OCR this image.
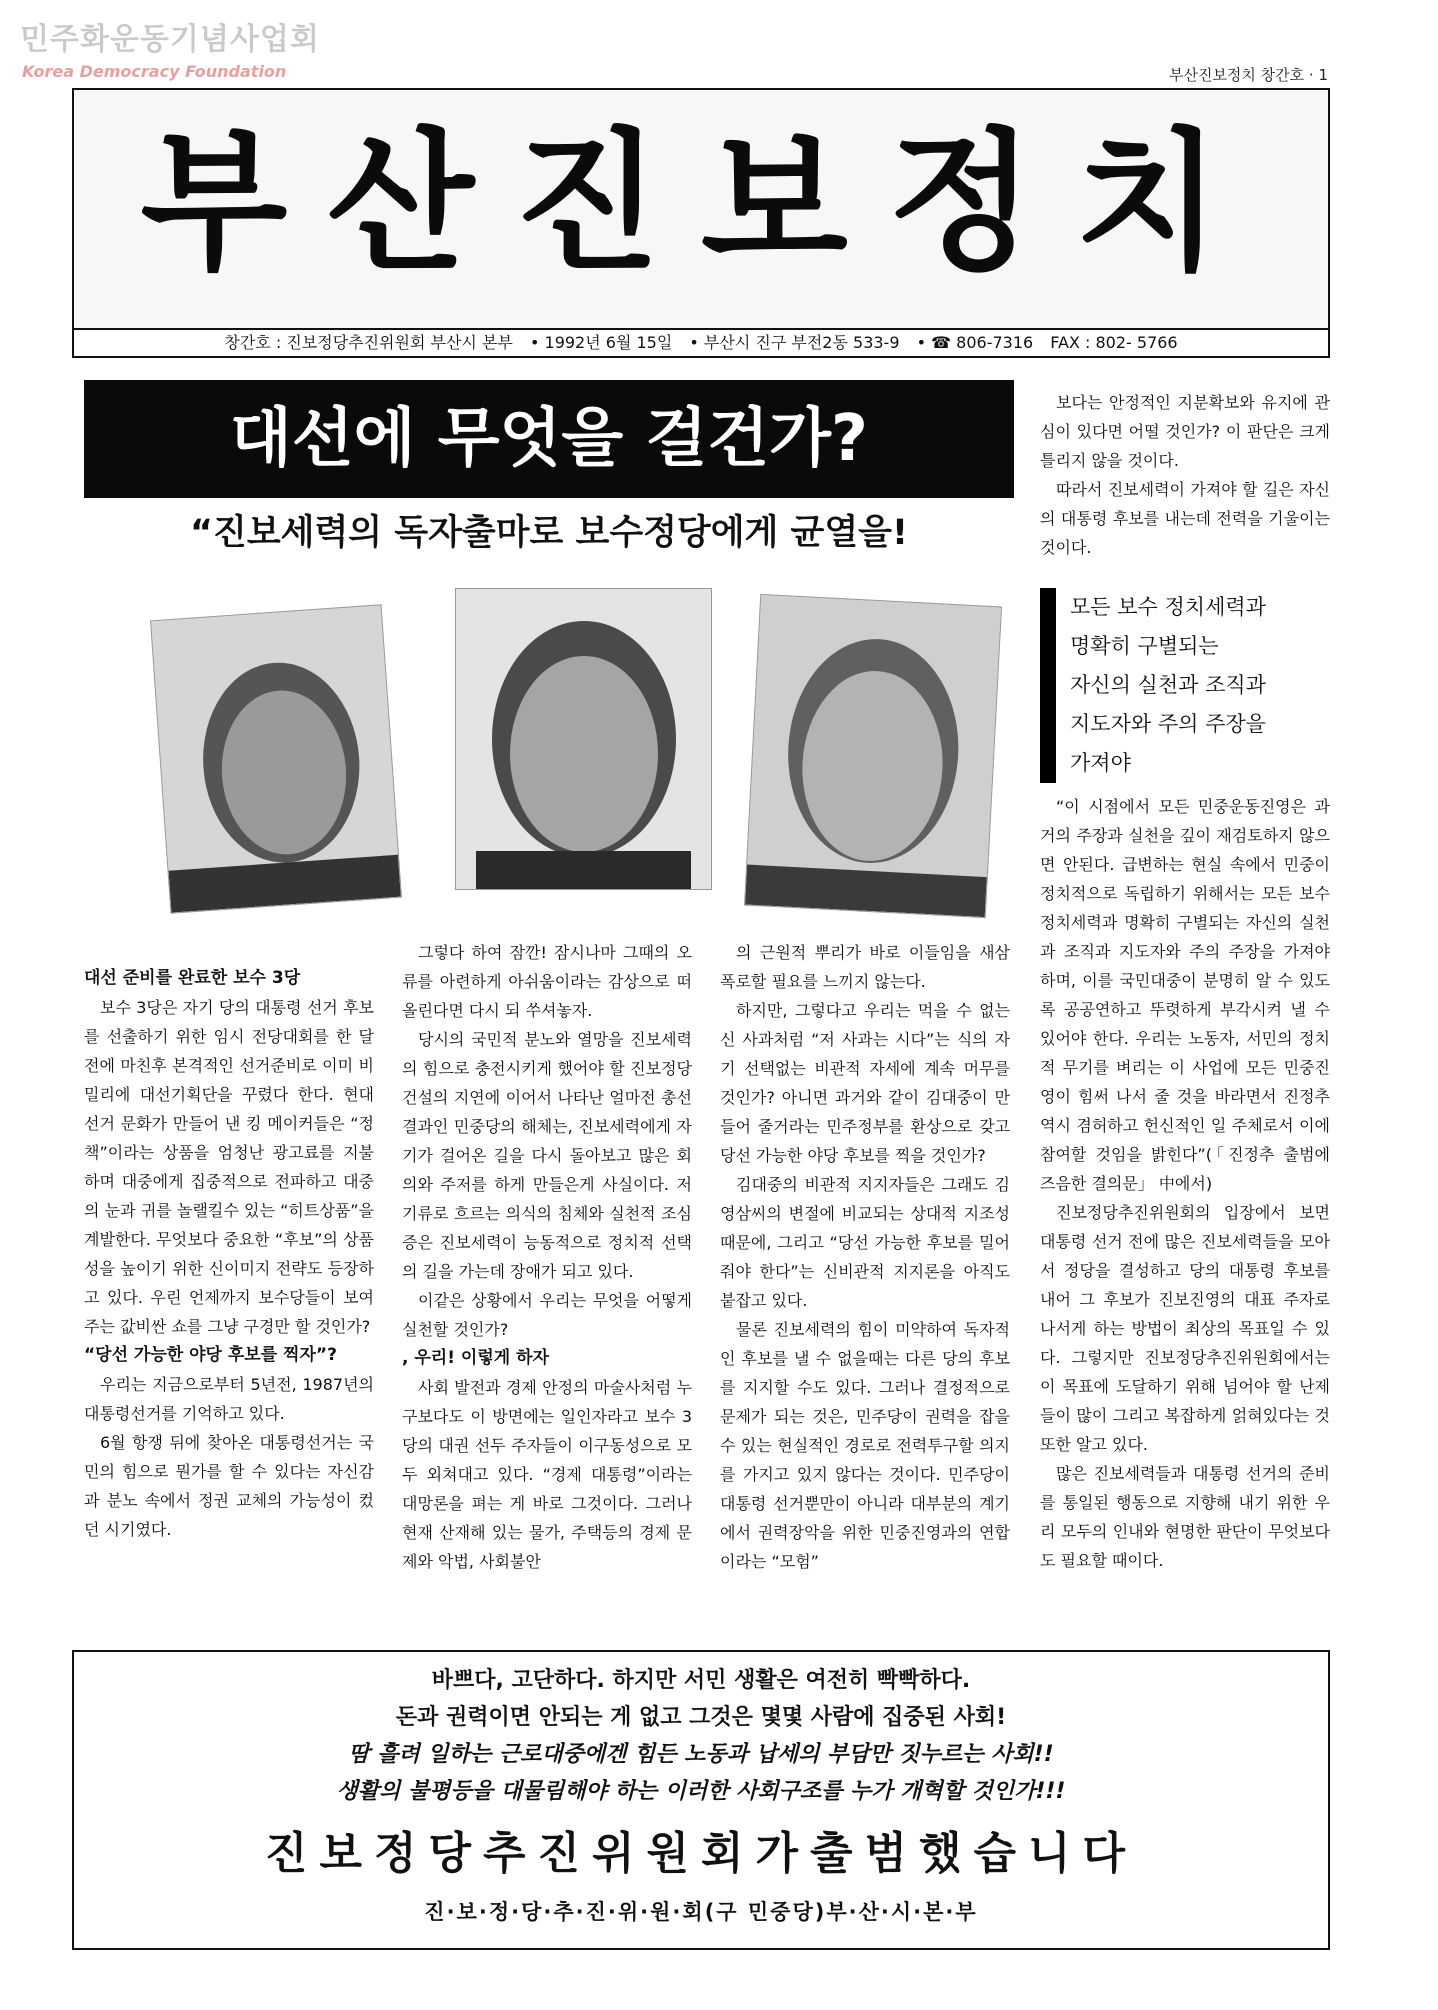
민주화운동기념사업회
Korea Democracy Foundation	부산진보정치 창간호 · 1
부산진보정치
창간호 : 진보정당추진위원회 부산시 본부 • 1992년 6월 15일 • 부산시 진구 부전2동 533-9 • ☎ 806-7316 FAX : 802- 5766
대선에 무엇을 걸건가?
“진보세력의 독자출마로 보수정당에게 균열을!
대선 준비를 완료한 보수 3당

보수 3당은 자기 당의 대통령 선거 후보를 선출하기 위한 임시 전당대회를 한 달전에 마친후 본격적인 선거준비로 이미 비밀리에 대선기획단을 꾸렸다 한다. 현대 선거 문화가 만들어 낸 킹 메이커들은 “정책”이라는 상품을 엄청난 광고료를 지불하며 대중에게 집중적으로 전파하고 대중의 눈과 귀를 놀랠킬수 있는 “히트상품”을 계발한다. 무엇보다 중요한 “후보”의 상품성을 높이기 위한 신이미지 전략도 등장하고 있다. 우린 언제까지 보수당들이 보여주는 값비싼 쇼를 그냥 구경만 할 것인가?

“당선 가능한 야당 후보를 찍자”?

우리는 지금으로부터 5년전, 1987년의 대통령선거를 기억하고 있다.

6월 항쟁 뒤에 찾아온 대통령선거는 국민의 힘으로 뭔가를 할 수 있다는 자신감과 분노 속에서 정권 교체의 가능성이 컸던 시기였다.

그렇다 하여 잠깐! 잠시나마 그때의 오류를 아련하게 아쉬움이라는 감상으로 떠올린다면 다시 되 쑤셔놓자.

당시의 국민적 분노와 열망을 진보세력의 힘으로 충전시키게 했어야 할 진보정당 건설의 지연에 이어서 나타난 얼마전 총선 결과인 민중당의 해체는, 진보세력에게 자기가 걸어온 길을 다시 돌아보고 많은 회의와 주저를 하게 만들은게 사실이다. 저기류로 흐르는 의식의 침체와 실천적 조심증은 진보세력이 능동적으로 정치적 선택의 길을 가는데 장애가 되고 있다.

이같은 상황에서 우리는 무엇을 어떻게 실천할 것인가?

, 우리! 이렇게 하자

사회 발전과 경제 안정의 마술사처럼 누구보다도 이 방면에는 일인자라고 보수 3당의 대권 선두 주자들이 이구동성으로 모두 외쳐대고 있다. “경제 대통령”이라는 대망론을 펴는 게 바로 그것이다. 그러나 현재 산재해 있는 물가, 주택등의 경제 문제와 악법, 사회불안

의 근원적 뿌리가 바로 이들임을 새삼 폭로할 필요를 느끼지 않는다.

하지만, 그렇다고 우리는 먹을 수 없는 신 사과처럼 “저 사과는 시다”는 식의 자기 선택없는 비관적 자세에 계속 머무를 것인가? 아니면 과거와 같이 김대중이 만들어 줄거라는 민주정부를 환상으로 갖고 당선 가능한 야당 후보를 찍을 것인가?

김대중의 비관적 지지자들은 그래도 김영삼씨의 변절에 비교되는 상대적 지조성 때문에, 그리고 “당선 가능한 후보를 밀어줘야 한다”는 신비관적 지지론을 아직도 붙잡고 있다.

물론 진보세력의 힘이 미약하여 독자적인 후보를 낼 수 없을때는 다른 당의 후보를 지지할 수도 있다. 그러나 결정적으로 문제가 되는 것은, 민주당이 권력을 잡을 수 있는 현실적인 경로로 전력투구할 의지를 가지고 있지 않다는 것이다. 민주당이 대통령 선거뿐만이 아니라 대부분의 계기에서 권력장악을 위한 민중진영과의 연합이라는 “모험”

보다는 안정적인 지분확보와 유지에 관심이 있다면 어떨 것인가? 이 판단은 크게 틀리지 않을 것이다.

따라서 진보세력이 가져야 할 길은 자신의 대통령 후보를 내는데 전력을 기울이는 것이다.

모든 보수 정치세력과
명확히 구별되는
자신의 실천과 조직과
지도자와 주의 주장을
가져야

“이 시점에서 모든 민중운동진영은 과거의 주장과 실천을 깊이 재검토하지 않으면 안된다. 급변하는 현실 속에서 민중이 정치적으로 독립하기 위해서는 모든 보수 정치세력과 명확히 구별되는 자신의 실천과 조직과 지도자와 주의 주장을 가져야 하며, 이를 국민대중이 분명히 알 수 있도록 공공연하고 뚜렷하게 부각시켜 낼 수 있어야 한다. 우리는 노동자, 서민의 정치적 무기를 벼리는 이 사업에 모든 민중진영이 힘써 나서 줄 것을 바라면서 진정추 역시 겸허하고 헌신적인 일 주체로서 이에 참여할 것임을 밝힌다”(「진정추 출범에 즈음한 결의문」 中에서)

진보정당추진위원회의 입장에서 보면 대통령 선거 전에 많은 진보세력들을 모아서 정당을 결성하고 당의 대통령 후보를 내어 그 후보가 진보진영의 대표 주자로 나서게 하는 방법이 최상의 목표일 수 있다. 그렇지만 진보정당추진위원회에서는 이 목표에 도달하기 위해 넘어야 할 난제들이 많이 그리고 복잡하게 얽혀있다는 것 또한 알고 있다.

많은 진보세력들과 대통령 선거의 준비를 통일된 행동으로 지향해 내기 위한 우리 모두의 인내와 현명한 판단이 무엇보다도 필요할 때이다.

바쁘다, 고단하다. 하지만 서민 생활은 여전히 빡빡하다.
돈과 권력이면 안되는 게 없고 그것은 몇몇 사람에 집중된 사회!
땀 흘려 일하는 근로대중에겐 힘든 노동과 납세의 부담만 짓누르는 사회!!
생활의 불평등을 대물림해야 하는 이러한 사회구조를 누가 개혁할 것인가!!!
진보정당추진위원회가출범했습니다
진·보·정·당·추·진·위·원·회(구 민중당)부·산·시·본·부
